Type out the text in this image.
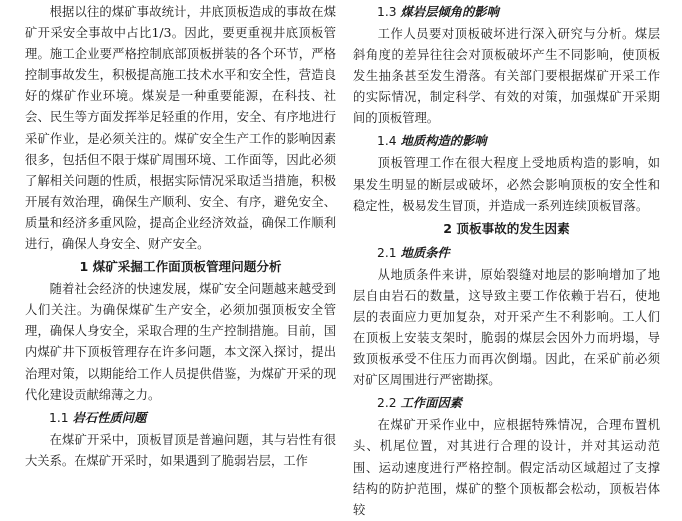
根据以往的煤矿事故统计，井底顶板造成的事故在煤矿开采安全事故中占比1/3。因此，要更重视井底顶板管理。施工企业要严格控制底部顶板拼装的各个环节，严格控制事故发生，积极提高施工技术水平和安全性，营造良好的煤矿作业环境。煤炭是一种重要能源，在科技、社会、民生等方面发挥举足轻重的作用，安全、有序地进行采矿作业，是必须关注的。煤矿安全生产工作的影响因素很多，包括但不限于煤矿周围环境、工作面等，因此必须了解相关问题的性质，根据实际情况采取适当措施，积极开展有效治理，确保生产顺利、安全、有序，避免安全、质量和经济多重风险，提高企业经济效益，确保工作顺利进行，确保人身安全、财产安全。

1 煤矿采掘工作面顶板管理问题分析

随着社会经济的快速发展，煤矿安全问题越来越受到人们关注。为确保煤矿生产安全，必须加强顶板安全管理，确保人身安全，采取合理的生产控制措施。目前，国内煤矿井下顶板管理存在许多问题，本文深入探讨，提出治理对策，以期能给工作人员提供借鉴，为煤矿开采的现代化建设贡献绵薄之力。

1.1 岩石性质问题

在煤矿开采中，顶板冒顶是普遍问题，其与岩性有很大关系。在煤矿开采时，如果遇到了脆弱岩层，工作

1.3 煤岩层倾角的影响

工作人员要对顶板破坏进行深入研究与分析。煤层斜角度的差异往往会对顶板破坏产生不同影响，使顶板发生抽条甚至发生滑落。有关部门要根据煤矿开采工作的实际情况，制定科学、有效的对策，加强煤矿开采期间的顶板管理。

1.4 地质构造的影响

顶板管理工作在很大程度上受地质构造的影响，如果发生明显的断层或破坏，必然会影响顶板的安全性和稳定性，极易发生冒顶，并造成一系列连续顶板冒落。

2 顶板事故的发生因素
2.1 地质条件

从地质条件来讲，原始裂缝对地层的影响增加了地层自由岩石的数量，这导致主要工作依赖于岩石，使地层的表面应力更加复杂，对开采产生不利影响。工人们在顶板上安装支架时，脆弱的煤层会因外力而坍塌，导致顶板承受不住压力而再次倒塌。因此，在采矿前必须对矿区周围进行严密勘探。

2.2 工作面因素

在煤矿开采作业中，应根据特殊情况，合理布置机头、机尾位置，对其进行合理的设计，并对其运动范围、运动速度进行严格控制。假定活动区域超过了支撑结构的防护范围，煤矿的整个顶板都会松动，顶板岩体较
